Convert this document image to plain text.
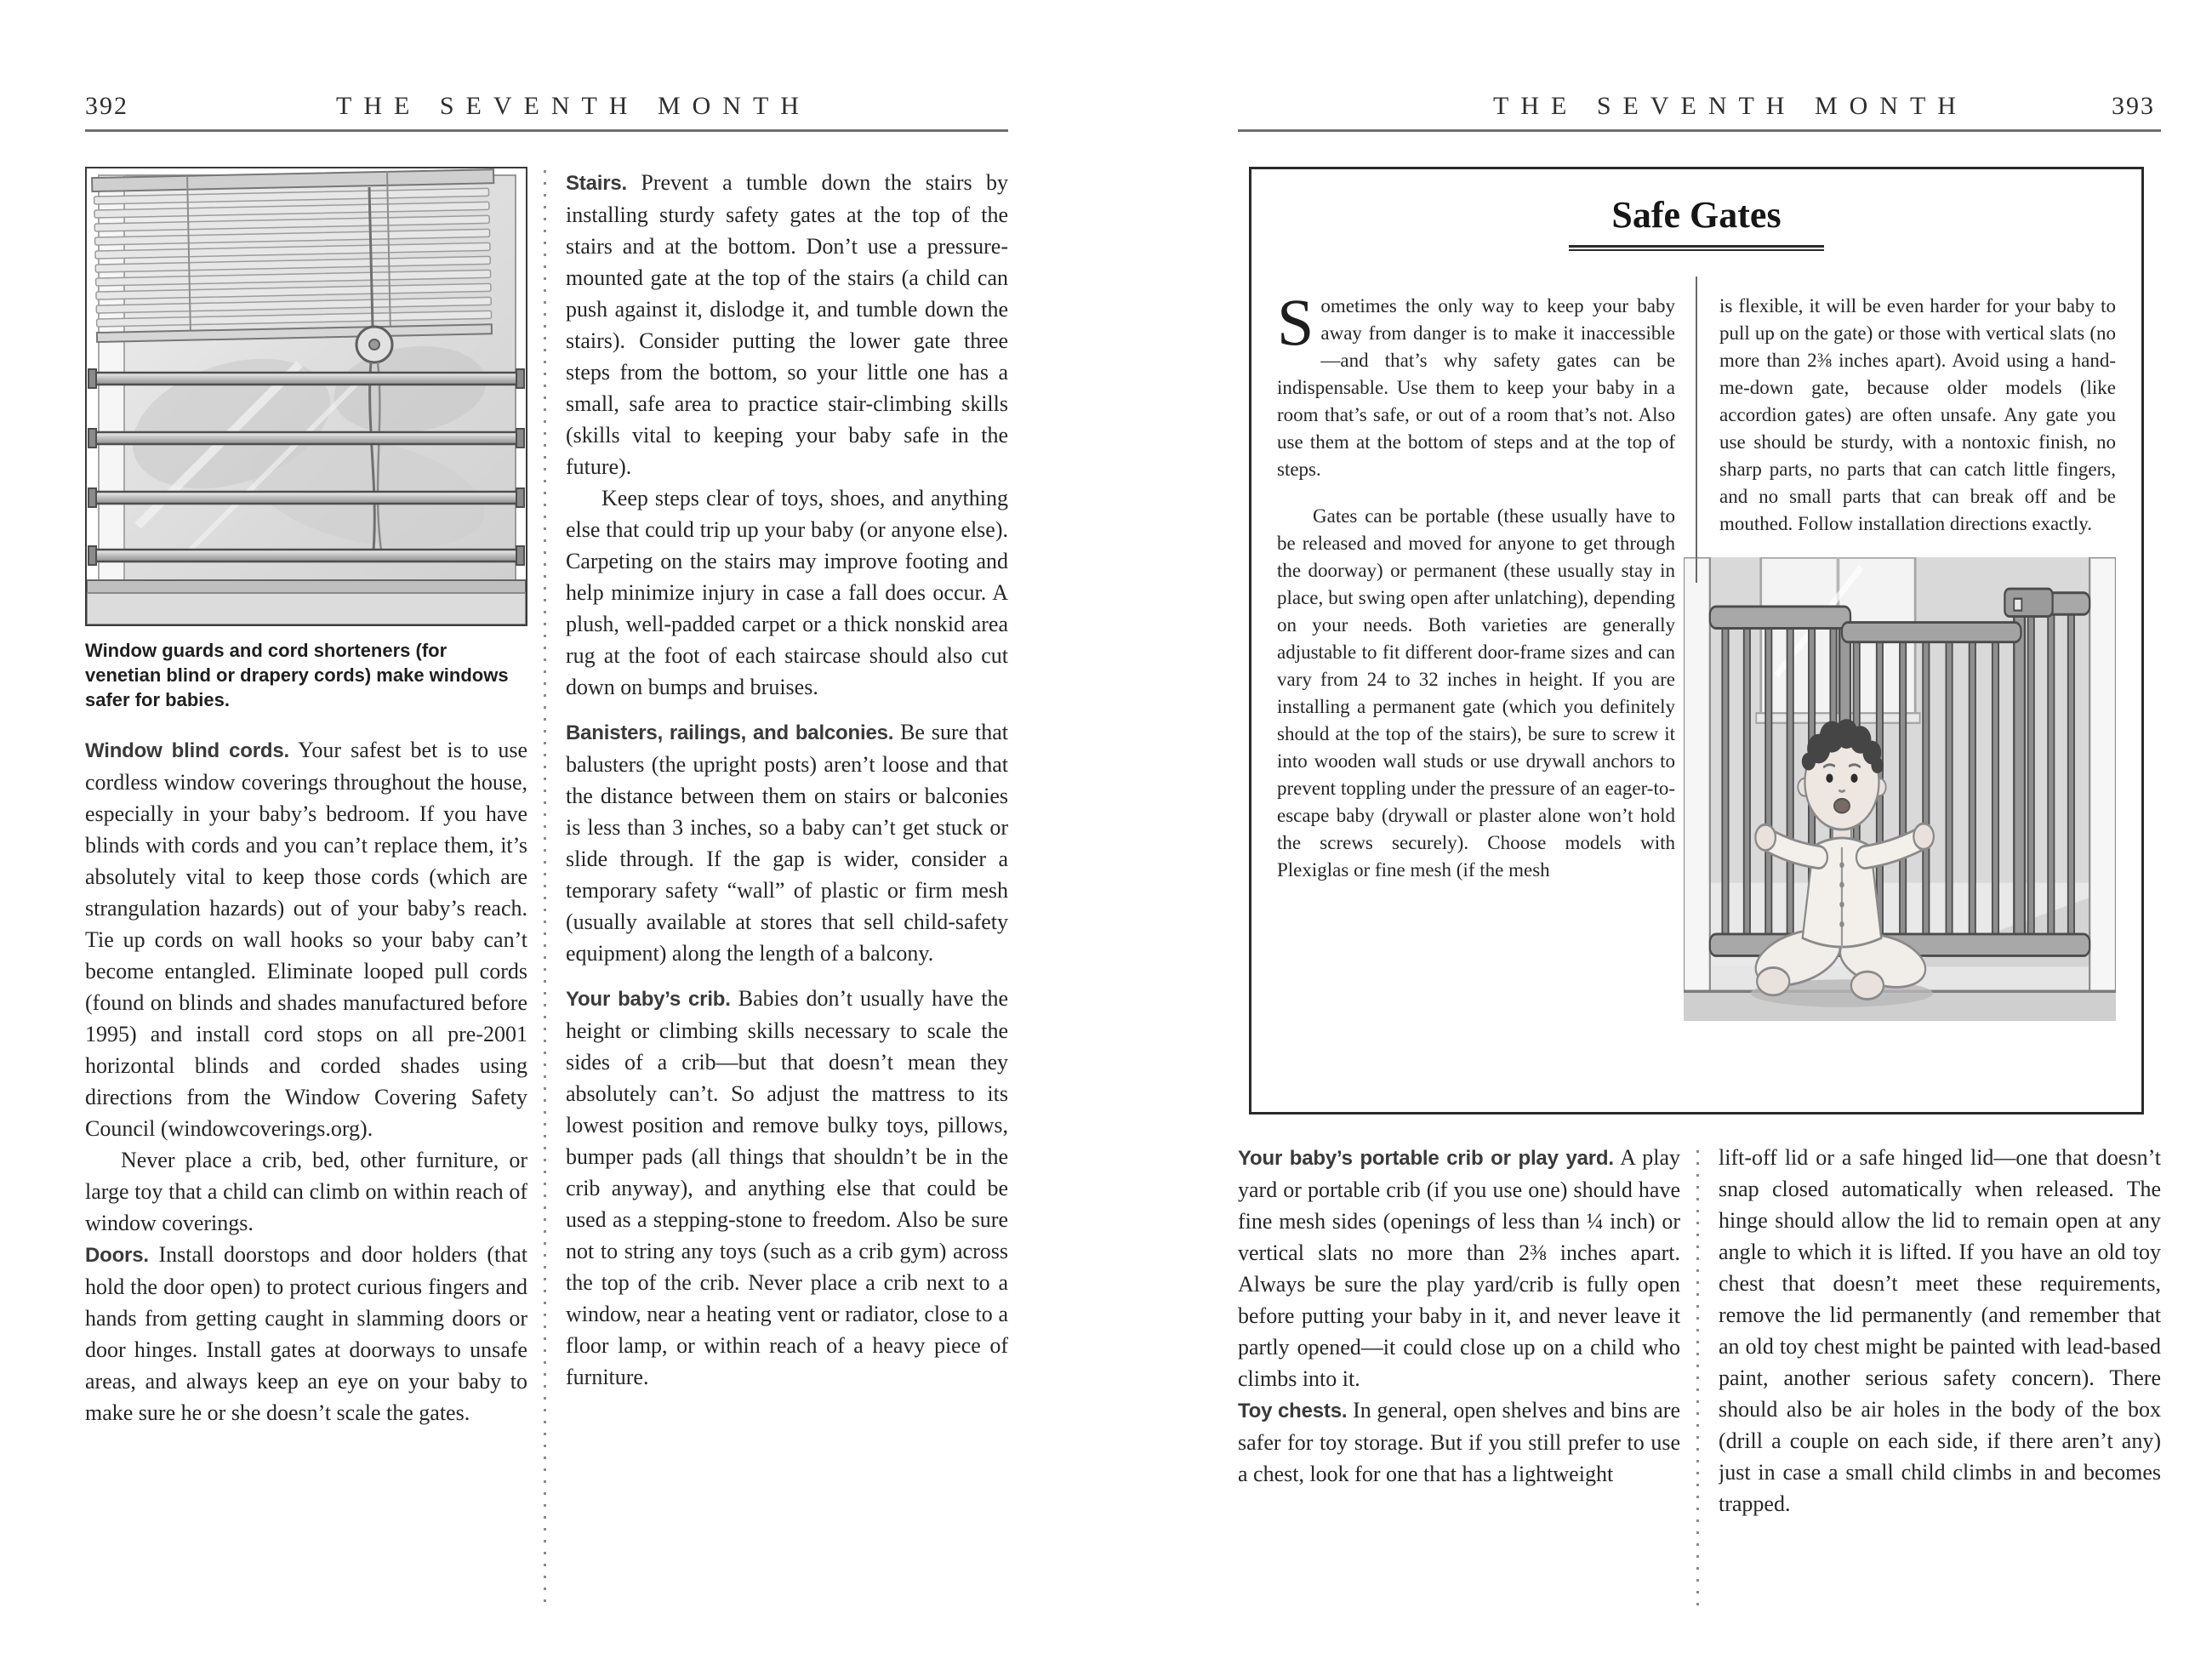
392	THE SEVENTH MONTH
Window guards and cord shorteners (for venetian blind or drapery cords) make windows safer for babies.

Window blind cords. Your safest bet is to use cordless window coverings throughout the house, especially in your baby’s bedroom. If you have blinds with cords and you can’t replace them, it’s absolutely vital to keep those cords (which are strangulation hazards) out of your baby’s reach. Tie up cords on wall hooks so your baby can’t become entangled. Eliminate looped pull cords (found on blinds and shades manufactured before 1995) and install cord stops on all pre-2001 horizontal blinds and corded shades using directions from the Window Covering Safety Council (windowcoverings.org).

Never place a crib, bed, other furniture, or large toy that a child can climb on within reach of window coverings.

Doors. Install doorstops and door holders (that hold the door open) to protect curious fingers and hands from getting caught in slamming doors or door hinges. Install gates at doorways to unsafe areas, and always keep an eye on your baby to make sure he or she doesn’t scale the gates.

Stairs. Prevent a tumble down the stairs by installing sturdy safety gates at the top of the stairs and at the bottom. Don’t use a pressure-mounted gate at the top of the stairs (a child can push against it, dislodge it, and tumble down the stairs). Consider putting the lower gate three steps from the bottom, so your little one has a small, safe area to practice stair-climbing skills (skills vital to keeping your baby safe in the future).

Keep steps clear of toys, shoes, and anything else that could trip up your baby (or anyone else). Carpeting on the stairs may improve footing and help minimize injury in case a fall does occur. A plush, well-padded carpet or a thick nonskid area rug at the foot of each staircase should also cut down on bumps and bruises.

Banisters, railings, and balconies. Be sure that balusters (the upright posts) aren’t loose and that the distance between them on stairs or balconies is less than 3 inches, so a baby can’t get stuck or slide through. If the gap is wider, consider a temporary safety “wall” of plastic or firm mesh (usually available at stores that sell child-safety equipment) along the length of a balcony.

Your baby’s crib. Babies don’t usually have the height or climbing skills necessary to scale the sides of a crib—but that doesn’t mean they absolutely can’t. So adjust the mattress to its lowest position and remove bulky toys, pillows, bumper pads (all things that shouldn’t be in the crib anyway), and anything else that could be used as a stepping-stone to freedom. Also be sure not to string any toys (such as a crib gym) across the top of the crib. Never place a crib next to a window, near a heating vent or radiator, close to a floor lamp, or within reach of a heavy piece of furniture.

THE SEVENTH MONTH	393
Safe Gates

Sometimes the only way to keep your baby away from danger is to make it inaccessible—and that’s why safety gates can be indispensable. Use them to keep your baby in a room that’s safe, or out of a room that’s not. Also use them at the bottom of steps and at the top of steps.

Gates can be portable (these usually have to be released and moved for anyone to get through the doorway) or permanent (these usually stay in place, but swing open after unlatching), depending on your needs. Both varieties are generally adjustable to fit different door-frame sizes and can vary from 24 to 32 inches in height. If you are installing a permanent gate (which you definitely should at the top of the stairs), be sure to screw it into wooden wall studs or use drywall anchors to prevent toppling under the pressure of an eager-to-escape baby (drywall or plaster alone won’t hold the screws securely). Choose models with Plexiglas or fine mesh (if the mesh

is flexible, it will be even harder for your baby to pull up on the gate) or those with vertical slats (no more than 2⅜ inches apart). Avoid using a hand-me-down gate, because older models (like accordion gates) are often unsafe. Any gate you use should be sturdy, with a nontoxic finish, no sharp parts, no parts that can catch little fingers, and no small parts that can break off and be mouthed. Follow installation directions exactly.

Your baby’s portable crib or play yard. A play yard or portable crib (if you use one) should have fine mesh sides (openings of less than ¼ inch) or vertical slats no more than 2⅜ inches apart. Always be sure the play yard/crib is fully open before putting your baby in it, and never leave it partly opened—it could close up on a child who climbs into it.

Toy chests. In general, open shelves and bins are safer for toy storage. But if you still prefer to use a chest, look for one that has a lightweight

lift-off lid or a safe hinged lid—one that doesn’t snap closed automatically when released. The hinge should allow the lid to remain open at any angle to which it is lifted. If you have an old toy chest that doesn’t meet these requirements, remove the lid permanently (and remember that an old toy chest might be painted with lead-based paint, another serious safety concern). There should also be air holes in the body of the box (drill a couple on each side, if there aren’t any) just in case a small child climbs in and becomes trapped.
